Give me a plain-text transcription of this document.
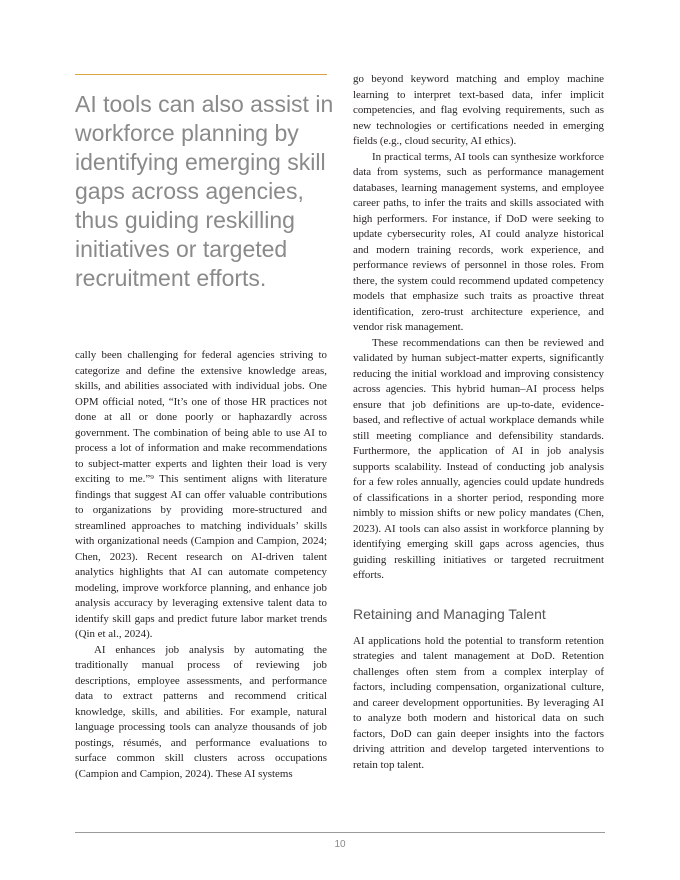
AI tools can also assist in workforce planning by identifying emerging skill gaps across agencies, thus guiding reskilling initiatives or targeted recruitment efforts.

cally been challenging for federal agencies striving to categorize and define the extensive knowledge areas, skills, and abilities associated with individual jobs. One OPM official noted, “It’s one of those HR practices not done at all or done poorly or haphazardly across government. The combination of being able to use AI to process a lot of information and make recommendations to subject-matter experts and lighten their load is very exciting to me.”⁹ This sentiment aligns with literature findings that suggest AI can offer valuable contributions to organizations by providing more-structured and streamlined approaches to matching individuals’ skills with organizational needs (Campion and Campion, 2024; Chen, 2023). Recent research on AI-driven talent analytics highlights that AI can automate competency modeling, improve workforce planning, and enhance job analysis accuracy by leveraging extensive talent data to identify skill gaps and predict future labor market trends (Qin et al., 2024).

AI enhances job analysis by automating the traditionally manual process of reviewing job descriptions, employee assessments, and performance data to extract patterns and recommend critical knowledge, skills, and abilities. For example, natural language processing tools can analyze thousands of job postings, résumés, and performance evaluations to surface common skill clusters across occupations (Campion and Campion, 2024). These AI systems

go beyond keyword matching and employ machine learning to interpret text-based data, infer implicit competencies, and flag evolving requirements, such as new technologies or certifications needed in emerging fields (e.g., cloud security, AI ethics).

In practical terms, AI tools can synthesize workforce data from systems, such as performance management databases, learning management systems, and employee career paths, to infer the traits and skills associated with high performers. For instance, if DoD were seeking to update cybersecurity roles, AI could analyze historical and modern training records, work experience, and performance reviews of personnel in those roles. From there, the system could recommend updated competency models that emphasize such traits as proactive threat identification, zero-trust architecture experience, and vendor risk management.

These recommendations can then be reviewed and validated by human subject-matter experts, significantly reducing the initial workload and improving consistency across agencies. This hybrid human–AI process helps ensure that job definitions are up-to-date, evidence-based, and reflective of actual workplace demands while still meeting compliance and defensibility standards. Furthermore, the application of AI in job analysis supports scalability. Instead of conducting job analysis for a few roles annually, agencies could update hundreds of classifications in a shorter period, responding more nimbly to mission shifts or new policy mandates (Chen, 2023). AI tools can also assist in workforce planning by identifying emerging skill gaps across agencies, thus guiding reskilling initiatives or targeted recruitment efforts.

Retaining and Managing Talent

AI applications hold the potential to transform retention strategies and talent management at DoD. Retention challenges often stem from a complex interplay of factors, including compensation, organizational culture, and career development opportunities. By leveraging AI to analyze both modern and historical data on such factors, DoD can gain deeper insights into the factors driving attrition and develop targeted interventions to retain top talent.

10
